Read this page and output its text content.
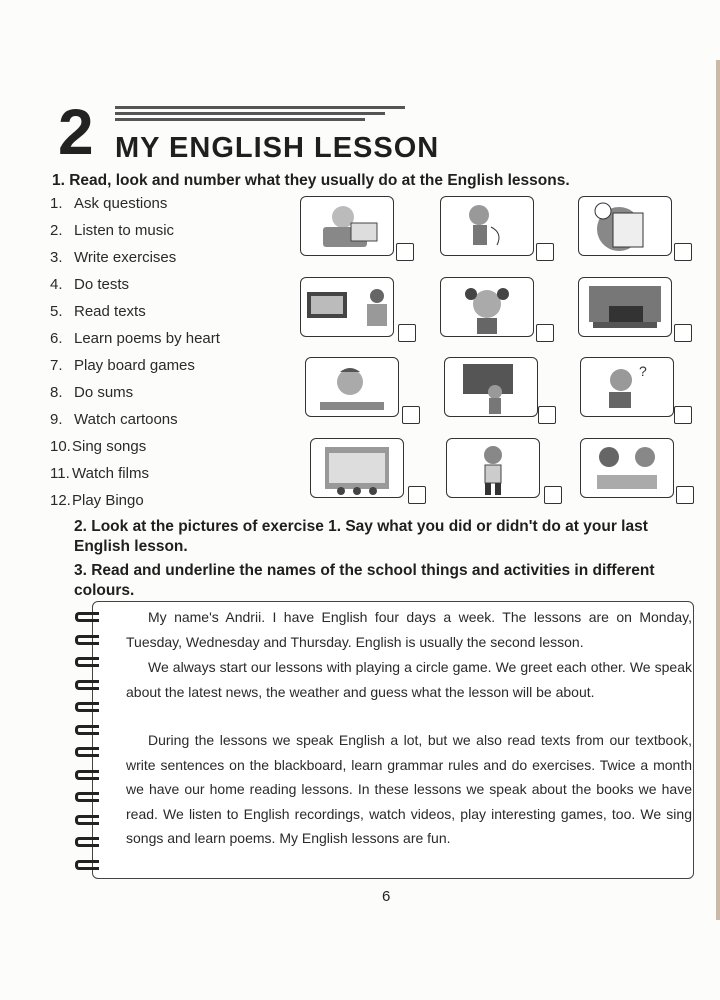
2 MY ENGLISH LESSON
1. Read, look and number what they usually do at the English lessons.
1. Ask questions
2. Listen to music
3. Write exercises
4. Do tests
5. Read texts
6. Learn poems by heart
7. Play board games
8. Do sums
9. Watch cartoons
10.Sing songs
11. Watch films
12.Play Bingo
?
2. Look at the pictures of exercise 1. Say what you did or didn't do at your last English lesson.
3. Read and underline the names of the school things and activities in different colours.
My name's Andrii. I have English four days a week. The lessons are on Monday, Tuesday, Wednesday and Thursday. English is usually the second lesson.
We always start our lessons with playing a circle game. We greet each other. We speak about the latest news, the weather and guess what the lesson will be about.
During the lessons we speak English a lot, but we also read texts from our textbook, write sentences on the blackboard, learn grammar rules and do exercises. Twice a month we have our home reading lessons. In these lessons we speak about the books we have read. We listen to English recordings, watch videos, play interesting games, too. We sing songs and learn poems. My English lessons are fun.
6
